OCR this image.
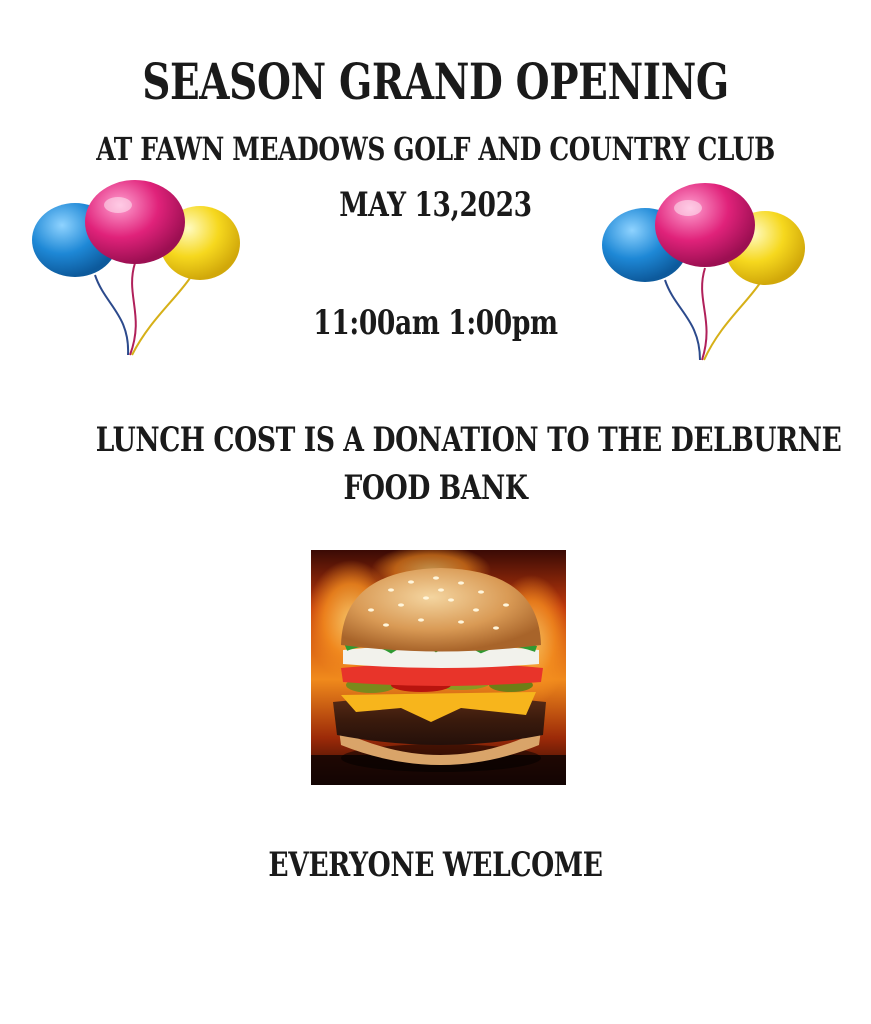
SEASON GRAND OPENING
AT FAWN MEADOWS GOLF AND COUNTRY CLUB
MAY 13,2023
11:00am 1:00pm
LUNCH COST IS A DONATION TO THE DELBURNE
FOOD BANK
EVERYONE WELCOME
